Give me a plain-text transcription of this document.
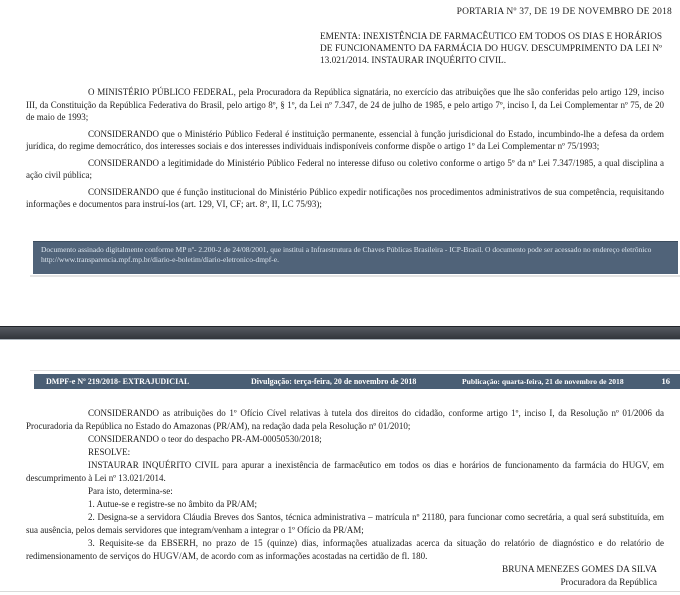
PORTARIA Nº 37, DE 19 DE NOVEMBRO DE 2018
EMENTA: INEXISTÊNCIA DE FARMACÊUTICO EM TODOS OS DIAS E HORÁRIOS DE FUNCIONAMENTO DA FARMÁCIA DO HUGV. DESCUMPRIMENTO DA LEI Nº 13.021/2014. INSTAURAR INQUÉRITO CIVIL.

O MINISTÉRIO PÚBLICO FEDERAL, pela Procuradora da República signatária, no exercício das atribuições que lhe são conferidas pelo artigo 129, inciso III, da Constituição da República Federativa do Brasil, pelo artigo 8º, § 1º, da Lei nº 7.347, de 24 de julho de 1985, e pelo artigo 7º, inciso I, da Lei Complementar nº 75, de 20 de maio de 1993;

CONSIDERANDO que o Ministério Público Federal é instituição permanente, essencial à função jurisdicional do Estado, incumbindo-lhe a defesa da ordem jurídica, do regime democrático, dos interesses sociais e dos interesses individuais indisponíveis conforme dispõe o artigo 1º da Lei Complementar nº 75/1993;

CONSIDERANDO a legitimidade do Ministério Público Federal no interesse difuso ou coletivo conforme o artigo 5º da nº Lei 7.347/1985, a qual disciplina a ação civil pública;

CONSIDERANDO que é função institucional do Ministério Público expedir notificações nos procedimentos administrativos de sua competência, requisitando informações e documentos para instruí-los (art. 129, VI, CF; art. 8º, II, LC 75/93);

Documento assinado digitalmente conforme MP nº- 2.200-2 de 24/08/2001, que institui a Infraestrutura de Chaves Públicas Brasileira - ICP-Brasil. O documento pode ser acessado no endereço eletrônico http://www.transparencia.mpf.mp.br/diario-e-boletim/diario-eletronico-dmpf-e.
DMPF-e Nº 219/2018- EXTRAJUDICIAL	Divulgação: terça-feira, 20 de novembro de 2018	Publicação: quarta-feira, 21 de novembro de 2018	16

CONSIDERANDO as atribuições do 1º Ofício Cível relativas à tutela dos direitos do cidadão, conforme artigo 1º, inciso I, da Resolução nº 01/2006 da Procuradoria da República no Estado do Amazonas (PR/AM), na redação dada pela Resolução nº 01/2010;

CONSIDERANDO o teor do despacho PR-AM-00050530/2018;

RESOLVE:

INSTAURAR INQUÉRITO CIVIL para apurar a inexistência de farmacêutico em todos os dias e horários de funcionamento da farmácia do HUGV, em descumprimento à Lei nº 13.021/2014.

Para isto, determina-se:

1. Autue-se e registre-se no âmbito da PR/AM;

2. Designa-se a servidora Cláudia Breves dos Santos, técnica administrativa – matrícula nº 21180, para funcionar como secretária, a qual será substituída, em sua ausência, pelos demais servidores que integram/venham a integrar o 1º Ofício da PR/AM;

3. Requisite-se da EBSERH, no prazo de 15 (quinze) dias, informações atualizadas acerca da situação do relatório de diagnóstico e do relatório de redimensionamento de serviços do HUGV/AM, de acordo com as informações acostadas na certidão de fl. 180.

BRUNA MENEZES GOMES DA SILVA
Procuradora da República
